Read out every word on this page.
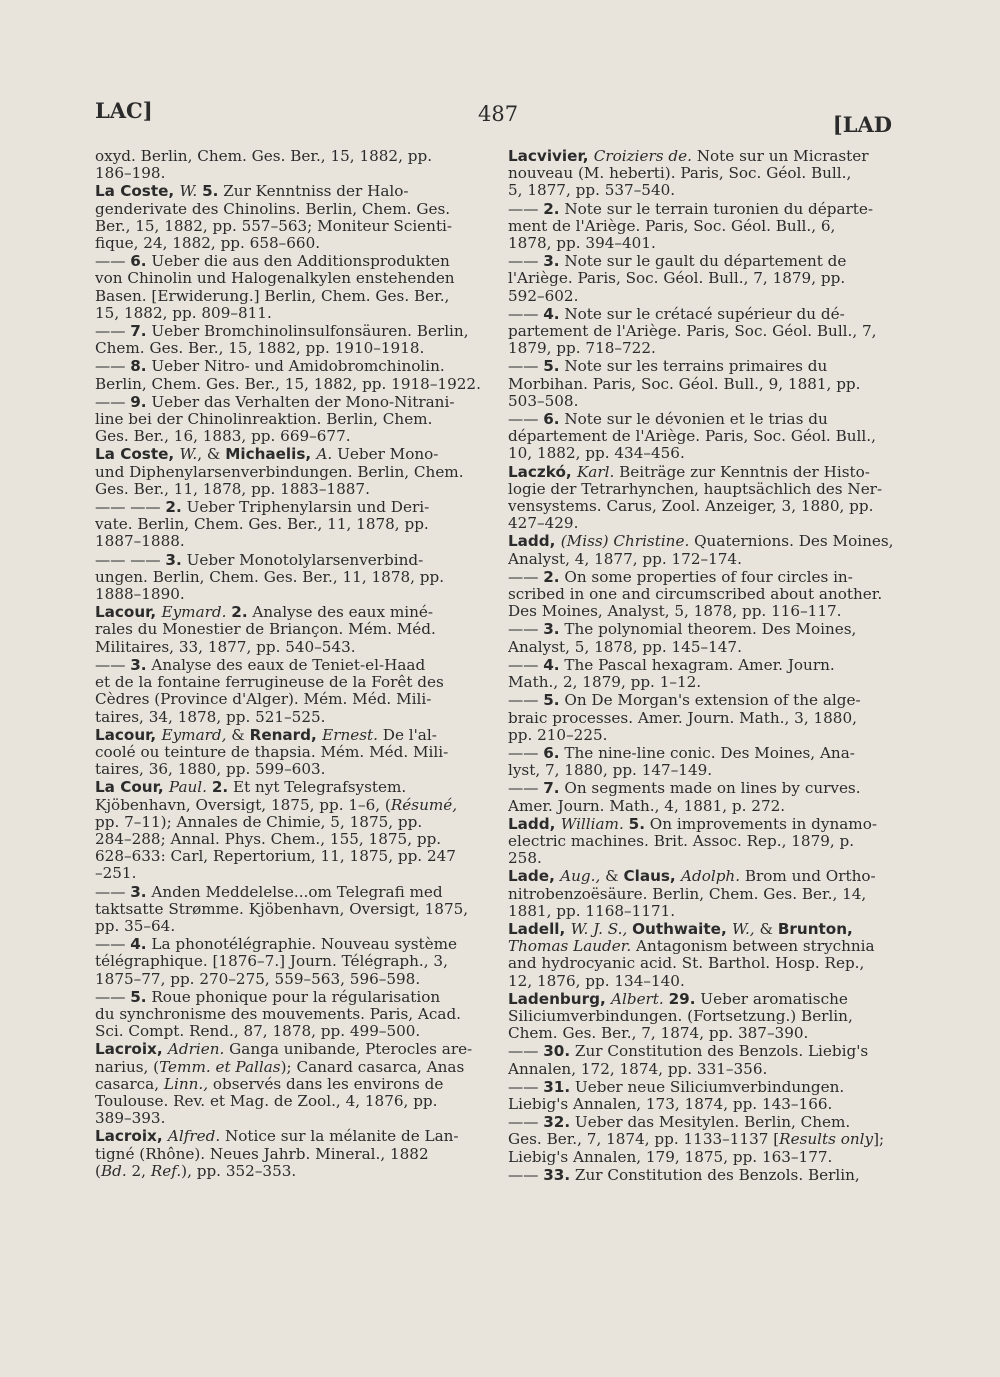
LAC]	487	[LAD
oxyd. Berlin, Chem. Ges. Ber., 15, 1882, pp.
186–198.
La Coste, W. 5. Zur Kenntniss der Halo-
genderivate des Chinolins. Berlin, Chem. Ges.
Ber., 15, 1882, pp. 557–563; Moniteur Scienti-
fique, 24, 1882, pp. 658–660.
—— 6. Ueber die aus den Additionsprodukten
von Chinolin und Halogenalkylen enstehenden
Basen. [Erwiderung.] Berlin, Chem. Ges. Ber.,
15, 1882, pp. 809–811.
—— 7. Ueber Bromchinolinsulfonsäuren. Berlin,
Chem. Ges. Ber., 15, 1882, pp. 1910–1918.
—— 8. Ueber Nitro- und Amidobromchinolin.
Berlin, Chem. Ges. Ber., 15, 1882, pp. 1918–1922.
—— 9. Ueber das Verhalten der Mono-Nitrani-
line bei der Chinolinreaktion. Berlin, Chem.
Ges. Ber., 16, 1883, pp. 669–677.
La Coste, W., & Michaelis, A. Ueber Mono-
und Diphenylarsenverbindungen. Berlin, Chem.
Ges. Ber., 11, 1878, pp. 1883–1887.
—— —— 2. Ueber Triphenylarsin und Deri-
vate. Berlin, Chem. Ges. Ber., 11, 1878, pp.
1887–1888.
—— —— 3. Ueber Monotolylarsenverbind-
ungen. Berlin, Chem. Ges. Ber., 11, 1878, pp.
1888–1890.
Lacour, Eymard. 2. Analyse des eaux miné-
rales du Monestier de Briançon. Mém. Méd.
Militaires, 33, 1877, pp. 540–543.
—— 3. Analyse des eaux de Teniet-el-Haad
et de la fontaine ferrugineuse de la Forêt des
Cèdres (Province d'Alger). Mém. Méd. Mili-
taires, 34, 1878, pp. 521–525.
Lacour, Eymard, & Renard, Ernest. De l'al-
coolé ou teinture de thapsia. Mém. Méd. Mili-
taires, 36, 1880, pp. 599–603.
La Cour, Paul. 2. Et nyt Telegrafsystem.
Kjöbenhavn, Oversigt, 1875, pp. 1–6, (Résumé,
pp. 7–11); Annales de Chimie, 5, 1875, pp.
284–288; Annal. Phys. Chem., 155, 1875, pp.
628–633: Carl, Repertorium, 11, 1875, pp. 247
–251.
—— 3. Anden Meddelelse...om Telegrafi med
taktsatte Strømme. Kjöbenhavn, Oversigt, 1875,
pp. 35–64.
—— 4. La phonotélégraphie. Nouveau système
télégraphique. [1876–7.] Journ. Télégraph., 3,
1875–77, pp. 270–275, 559–563, 596–598.
—— 5. Roue phonique pour la régularisation
du synchronisme des mouvements. Paris, Acad.
Sci. Compt. Rend., 87, 1878, pp. 499–500.
Lacroix, Adrien. Ganga unibande, Pterocles are-
narius, (Temm. et Pallas); Canard casarca, Anas
casarca, Linn., observés dans les environs de
Toulouse. Rev. et Mag. de Zool., 4, 1876, pp.
389–393.
Lacroix, Alfred. Notice sur la mélanite de Lan-
tigné (Rhône). Neues Jahrb. Mineral., 1882
(Bd. 2, Ref.), pp. 352–353.
Lacvivier, Croiziers de. Note sur un Micraster
nouveau (M. heberti). Paris, Soc. Géol. Bull.,
5, 1877, pp. 537–540.
—— 2. Note sur le terrain turonien du départe-
ment de l'Ariège. Paris, Soc. Géol. Bull., 6,
1878, pp. 394–401.
—— 3. Note sur le gault du département de
l'Ariège. Paris, Soc. Géol. Bull., 7, 1879, pp.
592–602.
—— 4. Note sur le crétacé supérieur du dé-
partement de l'Ariège. Paris, Soc. Géol. Bull., 7,
1879, pp. 718–722.
—— 5. Note sur les terrains primaires du
Morbihan. Paris, Soc. Géol. Bull., 9, 1881, pp.
503–508.
—— 6. Note sur le dévonien et le trias du
département de l'Ariège. Paris, Soc. Géol. Bull.,
10, 1882, pp. 434–456.
Laczkó, Karl. Beiträge zur Kenntnis der Histo-
logie der Tetrarhynchen, hauptsächlich des Ner-
vensystems. Carus, Zool. Anzeiger, 3, 1880, pp.
427–429.
Ladd, (Miss) Christine. Quaternions. Des Moines,
Analyst, 4, 1877, pp. 172–174.
—— 2. On some properties of four circles in-
scribed in one and circumscribed about another.
Des Moines, Analyst, 5, 1878, pp. 116–117.
—— 3. The polynomial theorem. Des Moines,
Analyst, 5, 1878, pp. 145–147.
—— 4. The Pascal hexagram. Amer. Journ.
Math., 2, 1879, pp. 1–12.
—— 5. On De Morgan's extension of the alge-
braic processes. Amer. Journ. Math., 3, 1880,
pp. 210–225.
—— 6. The nine-line conic. Des Moines, Ana-
lyst, 7, 1880, pp. 147–149.
—— 7. On segments made on lines by curves.
Amer. Journ. Math., 4, 1881, p. 272.
Ladd, William. 5. On improvements in dynamo-
electric machines. Brit. Assoc. Rep., 1879, p.
258.
Lade, Aug., & Claus, Adolph. Brom und Ortho-
nitrobenzoësäure. Berlin, Chem. Ges. Ber., 14,
1881, pp. 1168–1171.
Ladell, W. J. S., Outhwaite, W., & Brunton,
Thomas Lauder. Antagonism between strychnia
and hydrocyanic acid. St. Barthol. Hosp. Rep.,
12, 1876, pp. 134–140.
Ladenburg, Albert. 29. Ueber aromatische
Siliciumverbindungen. (Fortsetzung.) Berlin,
Chem. Ges. Ber., 7, 1874, pp. 387–390.
—— 30. Zur Constitution des Benzols. Liebig's
Annalen, 172, 1874, pp. 331–356.
—— 31. Ueber neue Siliciumverbindungen.
Liebig's Annalen, 173, 1874, pp. 143–166.
—— 32. Ueber das Mesitylen. Berlin, Chem.
Ges. Ber., 7, 1874, pp. 1133–1137 [Results only];
Liebig's Annalen, 179, 1875, pp. 163–177.
—— 33. Zur Constitution des Benzols. Berlin,
